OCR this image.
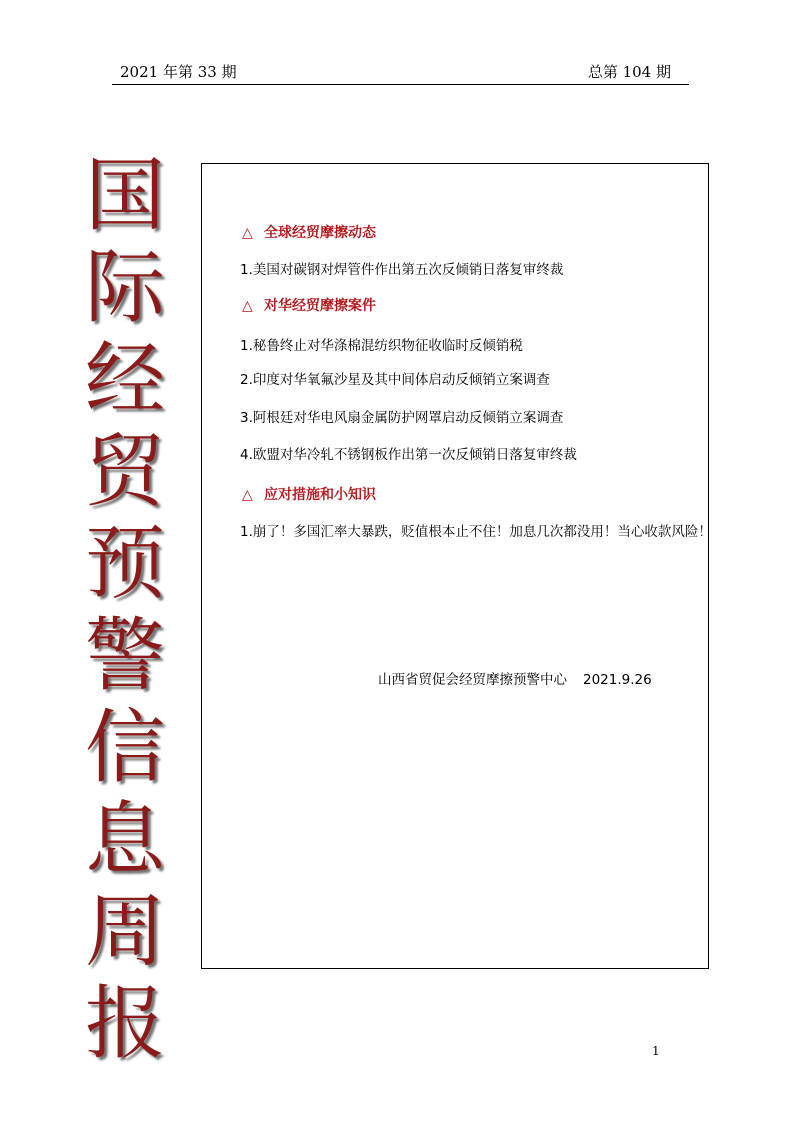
2021 年第 33 期	总第 104 期
国
际
经
贸
预
警
信
息
周
报
△ 全球经贸摩擦动态
1.美国对碳钢对焊管件作出第五次反倾销日落复审终裁
△ 对华经贸摩擦案件
1.秘鲁终止对华涤棉混纺织物征收临时反倾销税
2.印度对华氧氟沙星及其中间体启动反倾销立案调查
3.阿根廷对华电风扇金属防护网罩启动反倾销立案调查
4.欧盟对华冷轧不锈钢板作出第一次反倾销日落复审终裁
△ 应对措施和小知识
1.崩了！多国汇率大暴跌，贬值根本止不住！加息几次都没用！当心收款风险！
山西省贸促会经贸摩擦预警中心 2021.9.26
1
